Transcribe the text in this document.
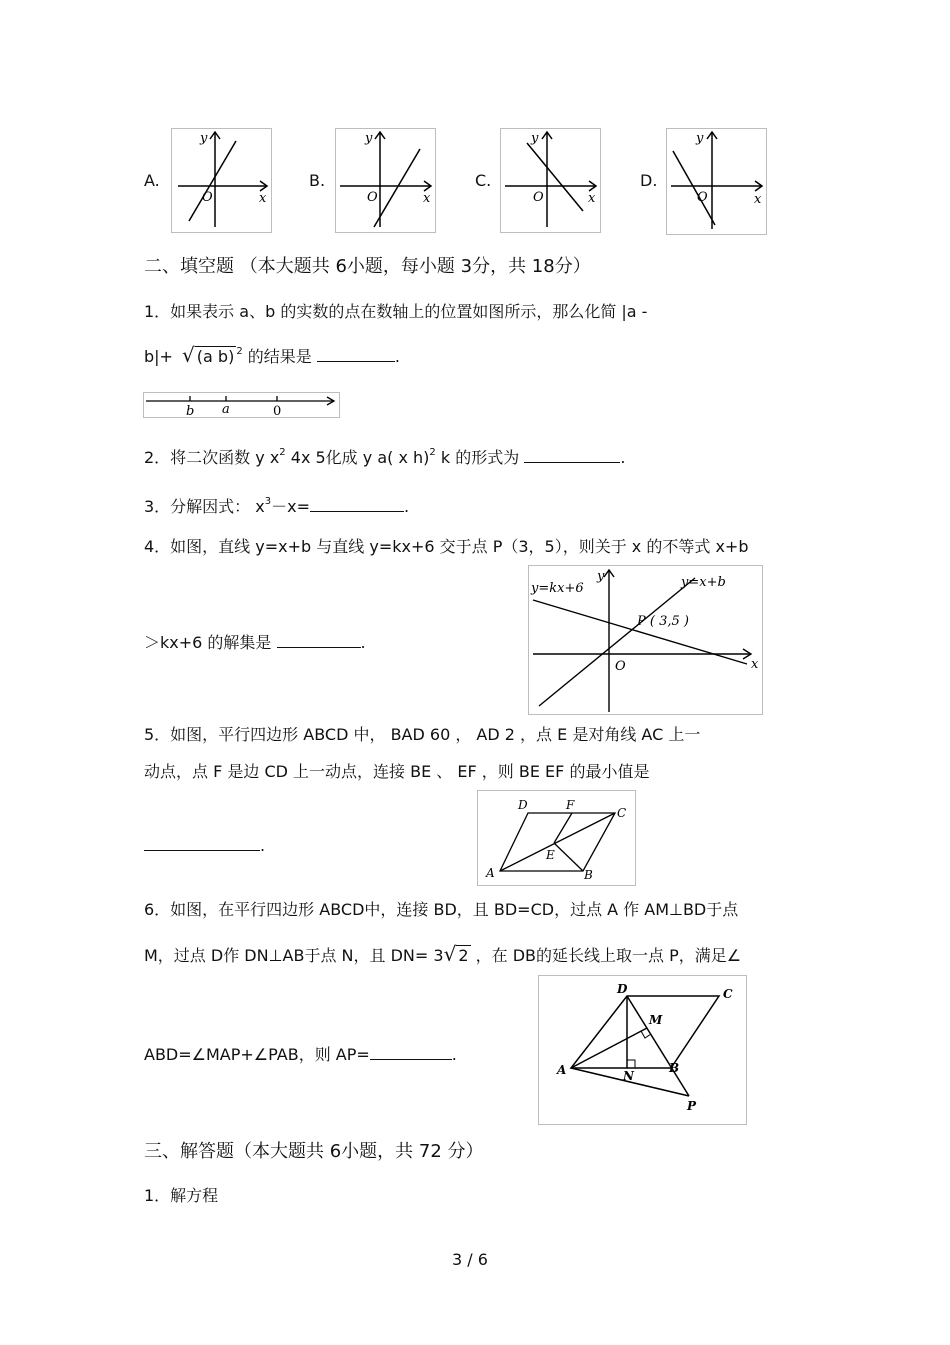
A.
y
x
O
B.
y
x
O
C.
y
x
O
D.
y
x
O
二、填空题 （本大题共 6小题，每小题 3分，共 18分）
1．如果表示 a、b 的实数的点在数轴上的位置如图所示，那么化简 |a -
b|+ √ (a b) $^2$ 的结果是	.
b a	0
2．将二次函数 y $x^2$ 4x 5化成 y a( x h)$^2$ k 的形式为	.
3．分解因式： $x^3-x=$	.
4．如图，直线 y=x+b 与直线 y=kx+6 交于点 P（3，5），则关于 x 的不等式 x+b
＞kx+6 的解集是	.
y=kx+6	y=x+b
P ( 3,5 )
y
x
O
5．如图，平行四边形 ABCD 中， BAD 60 ， AD 2 ，点 E 是对角线 AC 上一
动点，点 F 是边 CD 上一动点，连接 BE 、 EF ，则 BE EF 的最小值是
.
A	B
C
D	F
E
6．如图，在平行四边形 ABCD中，连接 BD，且 BD=CD，过点 A 作 AM⊥BD于点
M，过点 D作 DN⊥AB于点 N，且 DN= 3√ 2 ，在 DB的延长线上取一点 P，满足∠
ABD=∠MAP+∠PAB，则 AP=	.
D	C
A	B
M
N
P
三、解答题（本大题共 6小题，共 72 分）
1．解方程
3 / 6
